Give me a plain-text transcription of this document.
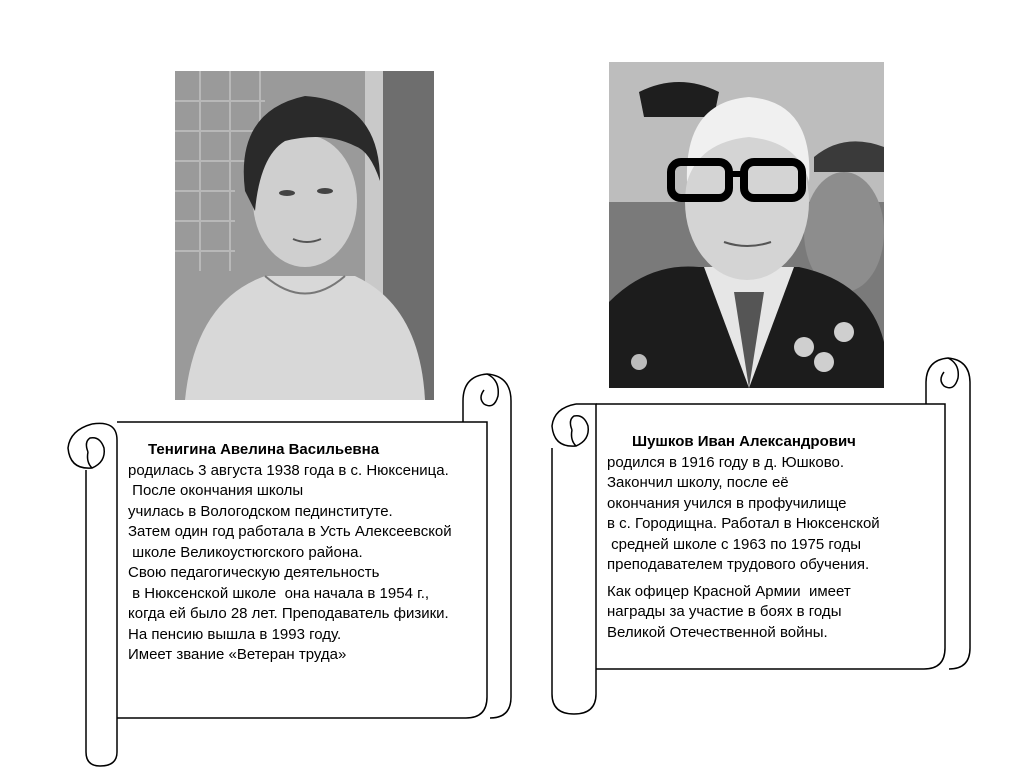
Тенигина Авелина Васильевна
родилась 3 августа 1938 года в с. Нюксеница.
После окончания школы
училась в Вологодском пединституте.
Затем один год работала в Усть Алексеевской
школе Великоустюгского района.
Свою педагогическую деятельность
в Нюксенской школе  она начала в 1954 г.,
когда ей было 28 лет. Преподаватель физики.
На пенсию вышла в 1993 году.
Имеет звание «Ветеран труда»
Шушков Иван Александрович
родился в 1916 году в д. Юшково.
Закончил школу, после её
окончания учился в профучилище
в с. Городищна. Работал в Нюксенской
средней школе с 1963 по 1975 годы
преподавателем трудового обучения.
Как офицер Красной Армии  имеет
награды за участие в боях в годы
Великой Отечественной войны.
